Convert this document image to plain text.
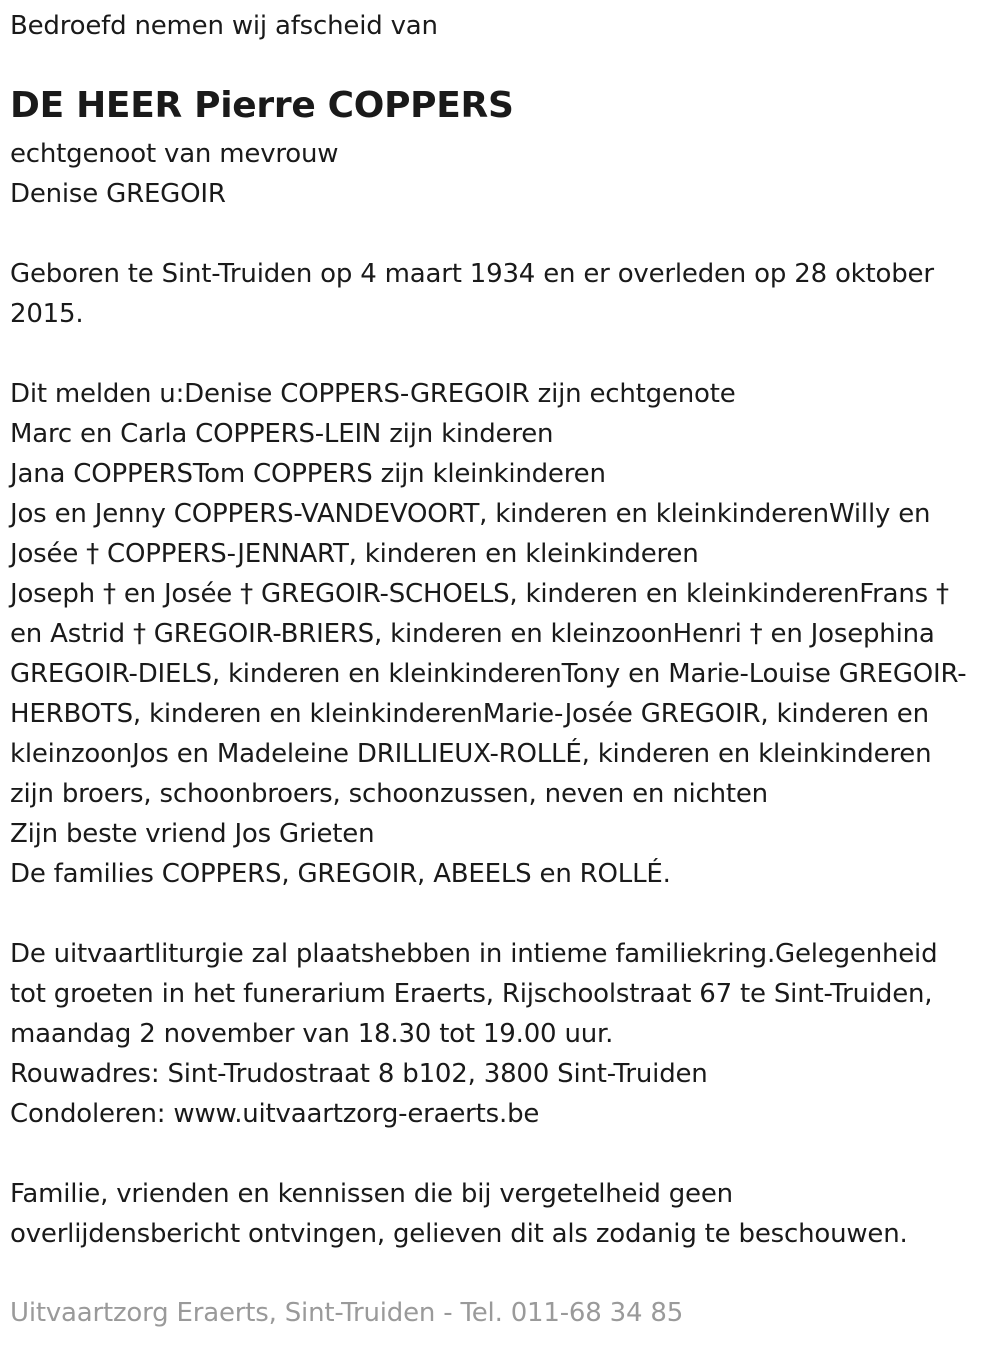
Bedroefd nemen wij afscheid van
DE HEER Pierre COPPERS
echtgenoot van mevrouw
Denise GREGOIR
Geboren te Sint-Truiden op 4 maart 1934 en er overleden op 28 oktober
2015.
Dit melden u:Denise COPPERS-GREGOIR zijn echtgenote
Marc en Carla COPPERS-LEIN zijn kinderen
Jana COPPERSTom COPPERS zijn kleinkinderen
Jos en Jenny COPPERS-VANDEVOORT, kinderen en kleinkinderenWilly en
Josée † COPPERS-JENNART, kinderen en kleinkinderen
Joseph † en Josée † GREGOIR-SCHOELS, kinderen en kleinkinderenFrans †
en Astrid † GREGOIR-BRIERS, kinderen en kleinzoonHenri † en Josephina
GREGOIR-DIELS, kinderen en kleinkinderenTony en Marie-Louise GREGOIR-
HERBOTS, kinderen en kleinkinderenMarie-Josée GREGOIR, kinderen en
kleinzoonJos en Madeleine DRILLIEUX-ROLLÉ, kinderen en kleinkinderen
zijn broers, schoonbroers, schoonzussen, neven en nichten
Zijn beste vriend Jos Grieten
De families COPPERS, GREGOIR, ABEELS en ROLLÉ.
De uitvaartliturgie zal plaatshebben in intieme familiekring.Gelegenheid
tot groeten in het funerarium Eraerts, Rijschoolstraat 67 te Sint-Truiden,
maandag 2 november van 18.30 tot 19.00 uur.
Rouwadres: Sint-Trudostraat 8 b102, 3800 Sint-Truiden
Condoleren: www.uitvaartzorg-eraerts.be
Familie, vrienden en kennissen die bij vergetelheid geen
overlijdensbericht ontvingen, gelieven dit als zodanig te beschouwen.
Uitvaartzorg Eraerts, Sint-Truiden - Tel. 011-68 34 85
